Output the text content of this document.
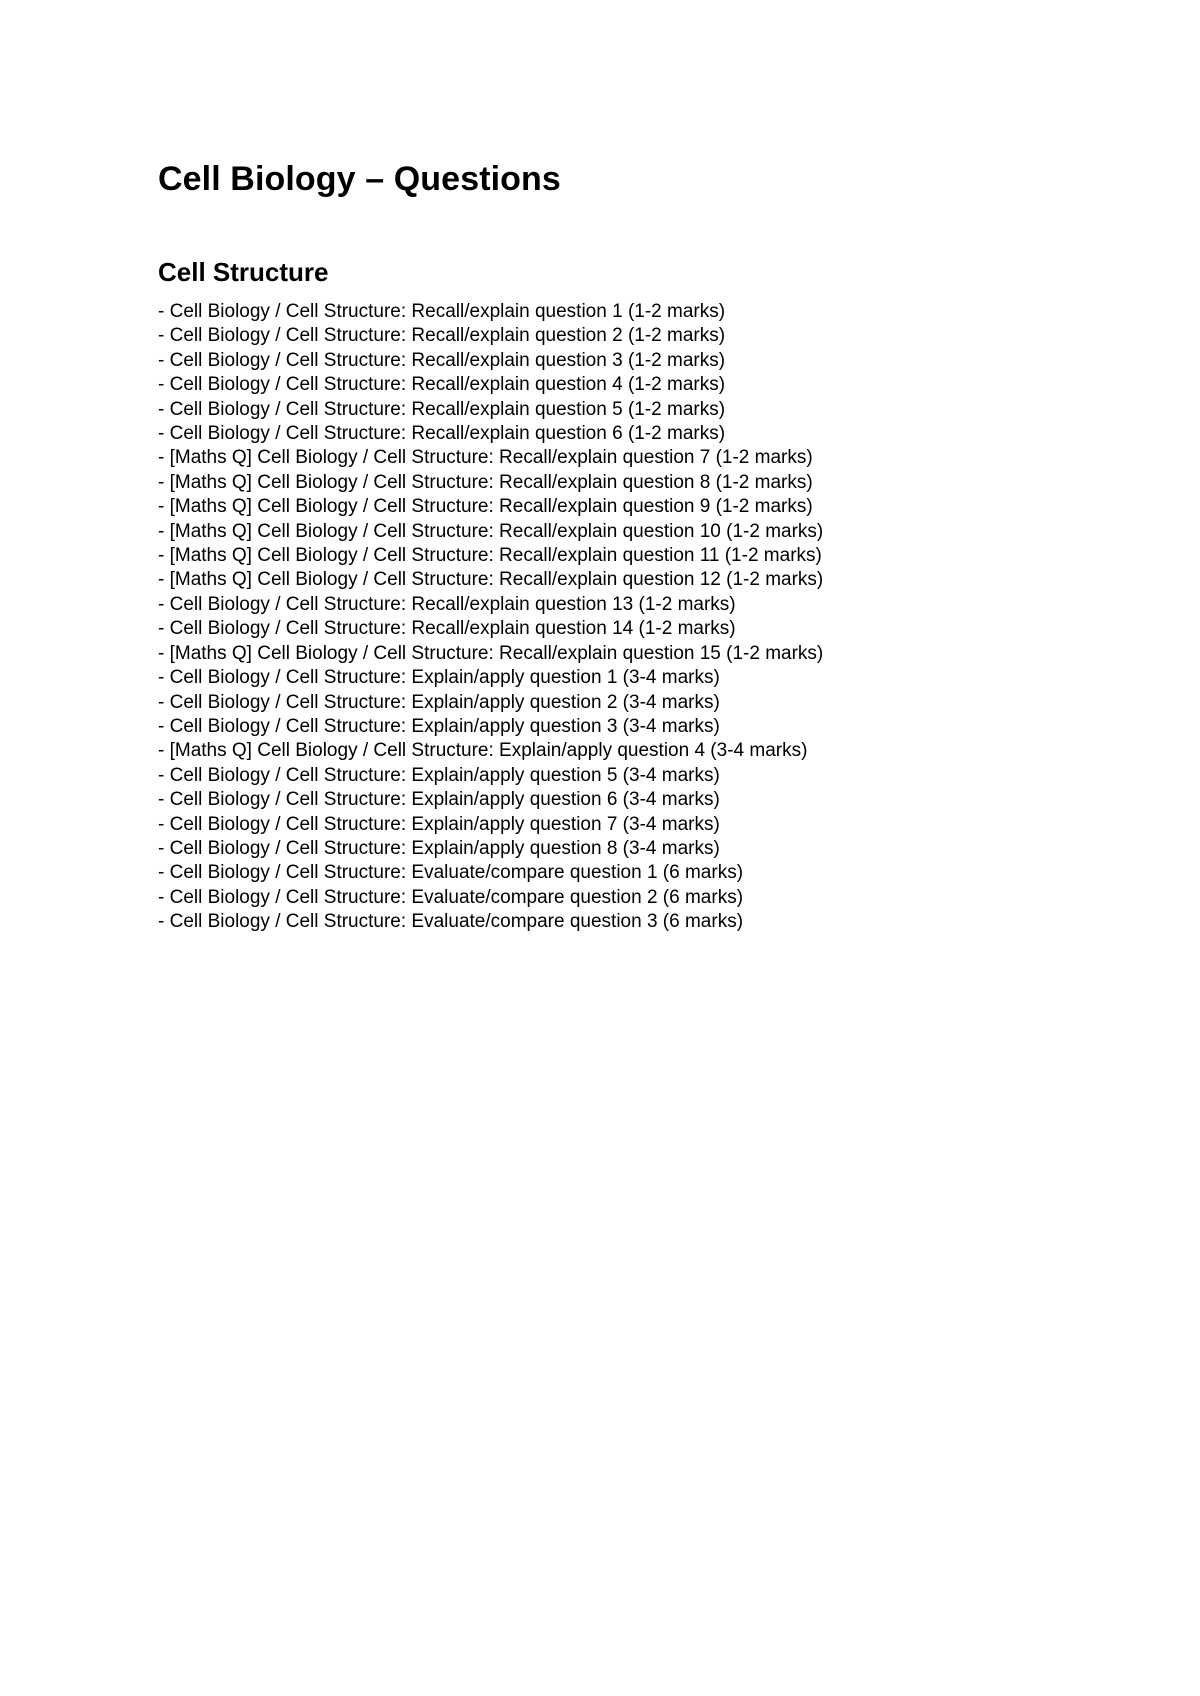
Cell Biology – Questions
Cell Structure
- Cell Biology / Cell Structure: Recall/explain question 1 (1-2 marks)
- Cell Biology / Cell Structure: Recall/explain question 2 (1-2 marks)
- Cell Biology / Cell Structure: Recall/explain question 3 (1-2 marks)
- Cell Biology / Cell Structure: Recall/explain question 4 (1-2 marks)
- Cell Biology / Cell Structure: Recall/explain question 5 (1-2 marks)
- Cell Biology / Cell Structure: Recall/explain question 6 (1-2 marks)
- [Maths Q] Cell Biology / Cell Structure: Recall/explain question 7 (1-2 marks)
- [Maths Q] Cell Biology / Cell Structure: Recall/explain question 8 (1-2 marks)
- [Maths Q] Cell Biology / Cell Structure: Recall/explain question 9 (1-2 marks)
- [Maths Q] Cell Biology / Cell Structure: Recall/explain question 10 (1-2 marks)
- [Maths Q] Cell Biology / Cell Structure: Recall/explain question 11 (1-2 marks)
- [Maths Q] Cell Biology / Cell Structure: Recall/explain question 12 (1-2 marks)
- Cell Biology / Cell Structure: Recall/explain question 13 (1-2 marks)
- Cell Biology / Cell Structure: Recall/explain question 14 (1-2 marks)
- [Maths Q] Cell Biology / Cell Structure: Recall/explain question 15 (1-2 marks)
- Cell Biology / Cell Structure: Explain/apply question 1 (3-4 marks)
- Cell Biology / Cell Structure: Explain/apply question 2 (3-4 marks)
- Cell Biology / Cell Structure: Explain/apply question 3 (3-4 marks)
- [Maths Q] Cell Biology / Cell Structure: Explain/apply question 4 (3-4 marks)
- Cell Biology / Cell Structure: Explain/apply question 5 (3-4 marks)
- Cell Biology / Cell Structure: Explain/apply question 6 (3-4 marks)
- Cell Biology / Cell Structure: Explain/apply question 7 (3-4 marks)
- Cell Biology / Cell Structure: Explain/apply question 8 (3-4 marks)
- Cell Biology / Cell Structure: Evaluate/compare question 1 (6 marks)
- Cell Biology / Cell Structure: Evaluate/compare question 2 (6 marks)
- Cell Biology / Cell Structure: Evaluate/compare question 3 (6 marks)
